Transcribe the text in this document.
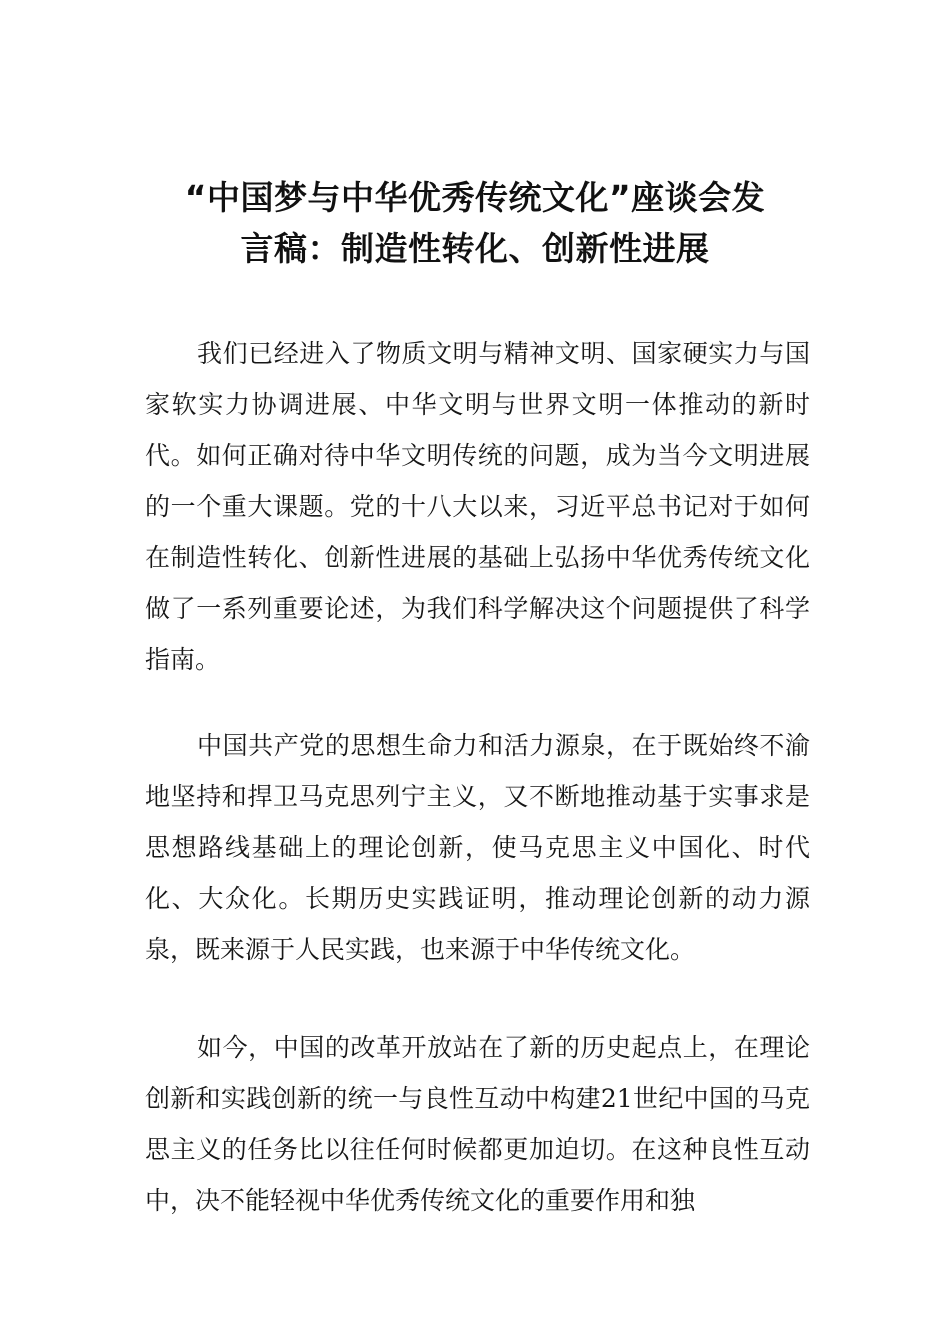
“中国梦与中华优秀传统文化”座谈会发
言稿：制造性转化、创新性进展

我们已经进入了物质文明与精神文明、国家硬实力与国家软实力协调进展、中华文明与世界文明一体推动的新时代。如何正确对待中华文明传统的问题，成为当今文明进展的一个重大课题。党的十八大以来，习近平总书记对于如何在制造性转化、创新性进展的基础上弘扬中华优秀传统文化做了一系列重要论述，为我们科学解决这个问题提供了科学指南。

中国共产党的思想生命力和活力源泉，在于既始终不渝地坚持和捍卫马克思列宁主义，又不断地推动基于实事求是思想路线基础上的理论创新，使马克思主义中国化、时代化、大众化。长期历史实践证明，推动理论创新的动力源泉，既来源于人民实践，也来源于中华传统文化。

如今，中国的改革开放站在了新的历史起点上，在理论创新和实践创新的统一与良性互动中构建21世纪中国的马克思主义的任务比以往任何时候都更加迫切。在这种良性互动中，决不能轻视中华优秀传统文化的重要作用和独
